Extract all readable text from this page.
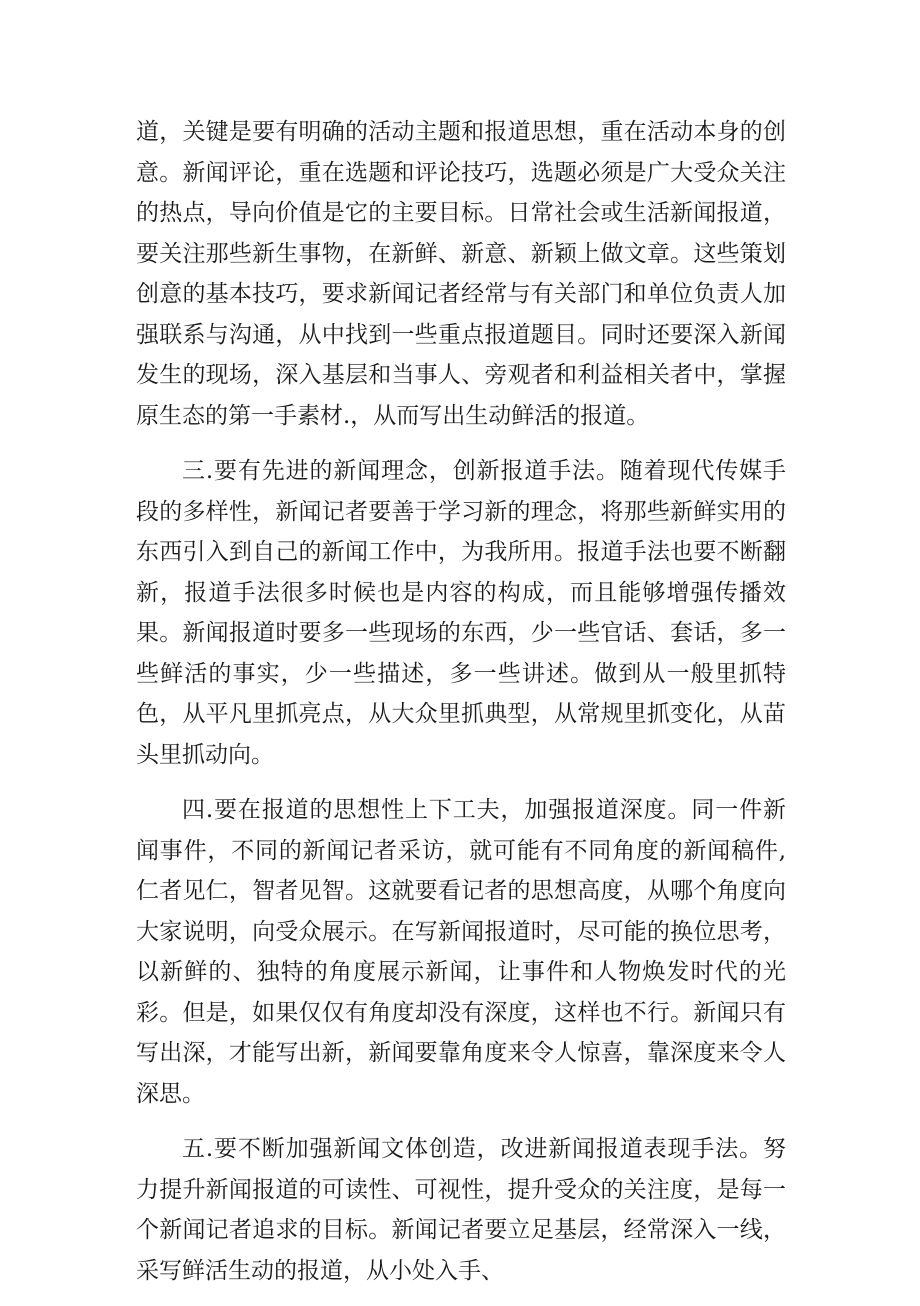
道，关键是要有明确的活动主题和报道思想，重在活动本身的创意。新闻评论，重在选题和评论技巧，选题必须是广大受众关注的热点，导向价值是它的主要目标。日常社会或生活新闻报道，要关注那些新生事物，在新鲜、新意、新颖上做文章。这些策划创意的基本技巧，要求新闻记者经常与有关部门和单位负责人加强联系与沟通，从中找到一些重点报道题目。同时还要深入新闻发生的现场，深入基层和当事人、旁观者和利益相关者中，掌握原生态的第一手素材.，从而写出生动鲜活的报道。

三.要有先进的新闻理念，创新报道手法。随着现代传媒手段的多样性，新闻记者要善于学习新的理念，将那些新鲜实用的东西引入到自己的新闻工作中，为我所用。报道手法也要不断翻新，报道手法很多时候也是内容的构成，而且能够增强传播效果。新闻报道时要多一些现场的东西，少一些官话、套话，多一些鲜活的事实，少一些描述，多一些讲述。做到从一般里抓特色，从平凡里抓亮点，从大众里抓典型，从常规里抓变化，从苗头里抓动向。

四.要在报道的思想性上下工夫，加强报道深度。同一件新闻事件，不同的新闻记者采访，就可能有不同角度的新闻稿件,仁者见仁，智者见智。这就要看记者的思想高度，从哪个角度向大家说明，向受众展示。在写新闻报道时，尽可能的换位思考，以新鲜的、独特的角度展示新闻，让事件和人物焕发时代的光彩。但是，如果仅仅有角度却没有深度，这样也不行。新闻只有写出深，才能写出新，新闻要靠角度来令人惊喜，靠深度来令人深思。

五.要不断加强新闻文体创造，改进新闻报道表现手法。努力提升新闻报道的可读性、可视性，提升受众的关注度，是每一个新闻记者追求的目标。新闻记者要立足基层，经常深入一线，采写鲜活生动的报道，从小处入手、
